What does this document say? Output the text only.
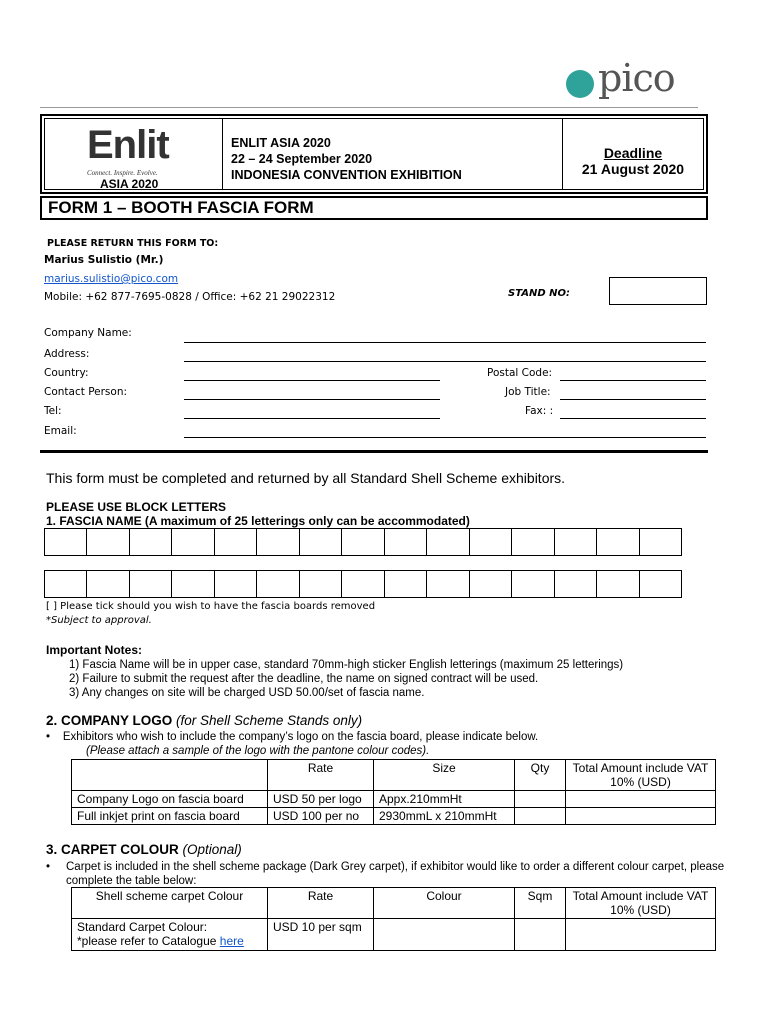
pico
Enlit
Connect. Inspire. Evolve.
ASIA 2020
ENLIT ASIA 2020
22 – 24 September 2020
INDONESIA CONVENTION EXHIBITION
Deadline
21 August 2020
FORM 1 – BOOTH FASCIA FORM
PLEASE RETURN THIS FORM TO:
Marius Sulistio (Mr.)
marius.sulistio@pico.com
Mobile: +62 877-7695-0828 / Office: +62 21 29022312	STAND NO:
Company Name:
Address:
Country:	Postal Code:
Contact Person:	Job Title:
Tel:	Fax: :
Email:
This form must be completed and returned by all Standard Shell Scheme exhibitors.
PLEASE USE BLOCK LETTERS
1. FASCIA NAME (A maximum of 25 letterings only can be accommodated)
[ ] Please tick should you wish to have the fascia boards removed
*Subject to approval.
Important Notes:
1) Fascia Name will be in upper case, standard 70mm-high sticker English letterings (maximum 25 letterings)
2) Failure to submit the request after the deadline, the name on signed contract will be used.
3) Any changes on site will be charged USD 50.00/set of fascia name.
2. COMPANY LOGO (for Shell Scheme Stands only)
•    Exhibitors who wish to include the company’s logo on the fascia board, please indicate below.
(Please attach a sample of the logo with the pantone colour codes).
	Rate	Size	Qty	Total Amount include VAT 10% (USD)
Company Logo on fascia board	USD 50 per logo	Appx.210mmHt		
Full inkjet print on fascia board	USD 100 per no	2930mmL x 210mmHt		
3. CARPET COLOUR (Optional)
•	Carpet is included in the shell scheme package (Dark Grey carpet), if exhibitor would like to order a different colour carpet, please complete the table below:
Shell scheme carpet Colour	Rate	Colour	Sqm	Total Amount include VAT 10% (USD)

Standard Carpet Colour:
*please refer to Catalogue here	USD 10 per sqm			
